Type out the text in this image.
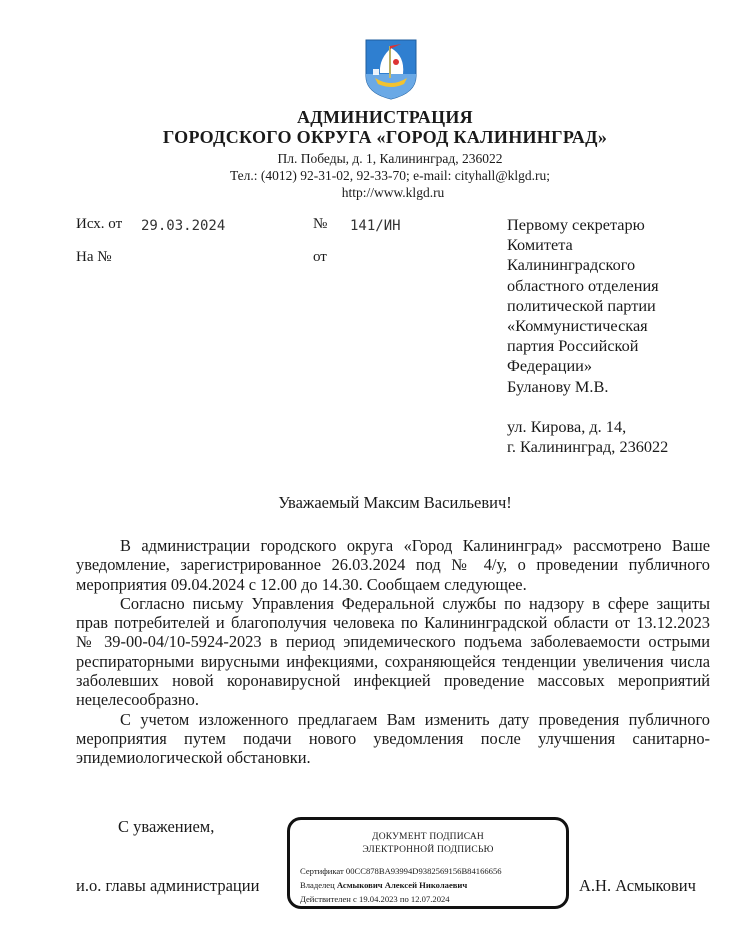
АДМИНИСТРАЦИЯ
ГОРОДСКОГО ОКРУГА «ГОРОД КАЛИНИНГРАД»
Пл. Победы, д. 1, Калининград, 236022
Тел.: (4012) 92-31-02, 92-33-70; e-mail: cityhall@klgd.ru;
http://www.klgd.ru
Исх. от 29.03.2024	№ 141/ИН
На №	от
Первому секретарю
Комитета
Калининградского
областного отделения
политической партии
«Коммунистическая
партия Российской
Федерации»
Буланову М.В.
ул. Кирова, д. 14,
г. Калининград, 236022
Уважаемый Максим Васильевич!

В администрации городского округа «Город Калининград» рассмотрено Ваше уведомление, зарегистрированное 26.03.2024 под № 4/у, о проведении публичного мероприятия 09.04.2024 с 12.00 до 14.30. Сообщаем следующее.

Согласно письму Управления Федеральной службы по надзору в сфере защиты прав потребителей и благополучия человека по Калининградской области от 13.12.2023 № 39-00-04/10-5924-2023 в период эпидемического подъема заболеваемости острыми респираторными вирусными инфекциями, сохраняющейся тенденции увеличения числа заболевших новой коронавирусной инфекцией проведение массовых мероприятий нецелесообразно.

С учетом изложенного предлагаем Вам изменить дату проведения публичного мероприятия путем подачи нового уведомления после улучшения санитарно-эпидемиологической обстановки.

С уважением,
и.о. главы администрации	А.Н. Асмыкович
ДОКУМЕНТ ПОДПИСАН
ЭЛЕКТРОННОЙ ПОДПИСЬЮ
Сертификат 00CC878BA93994D9382569156B84166656
Владелец Асмыкович Алексей Николаевич
Действителен с 19.04.2023 по 12.07.2024
